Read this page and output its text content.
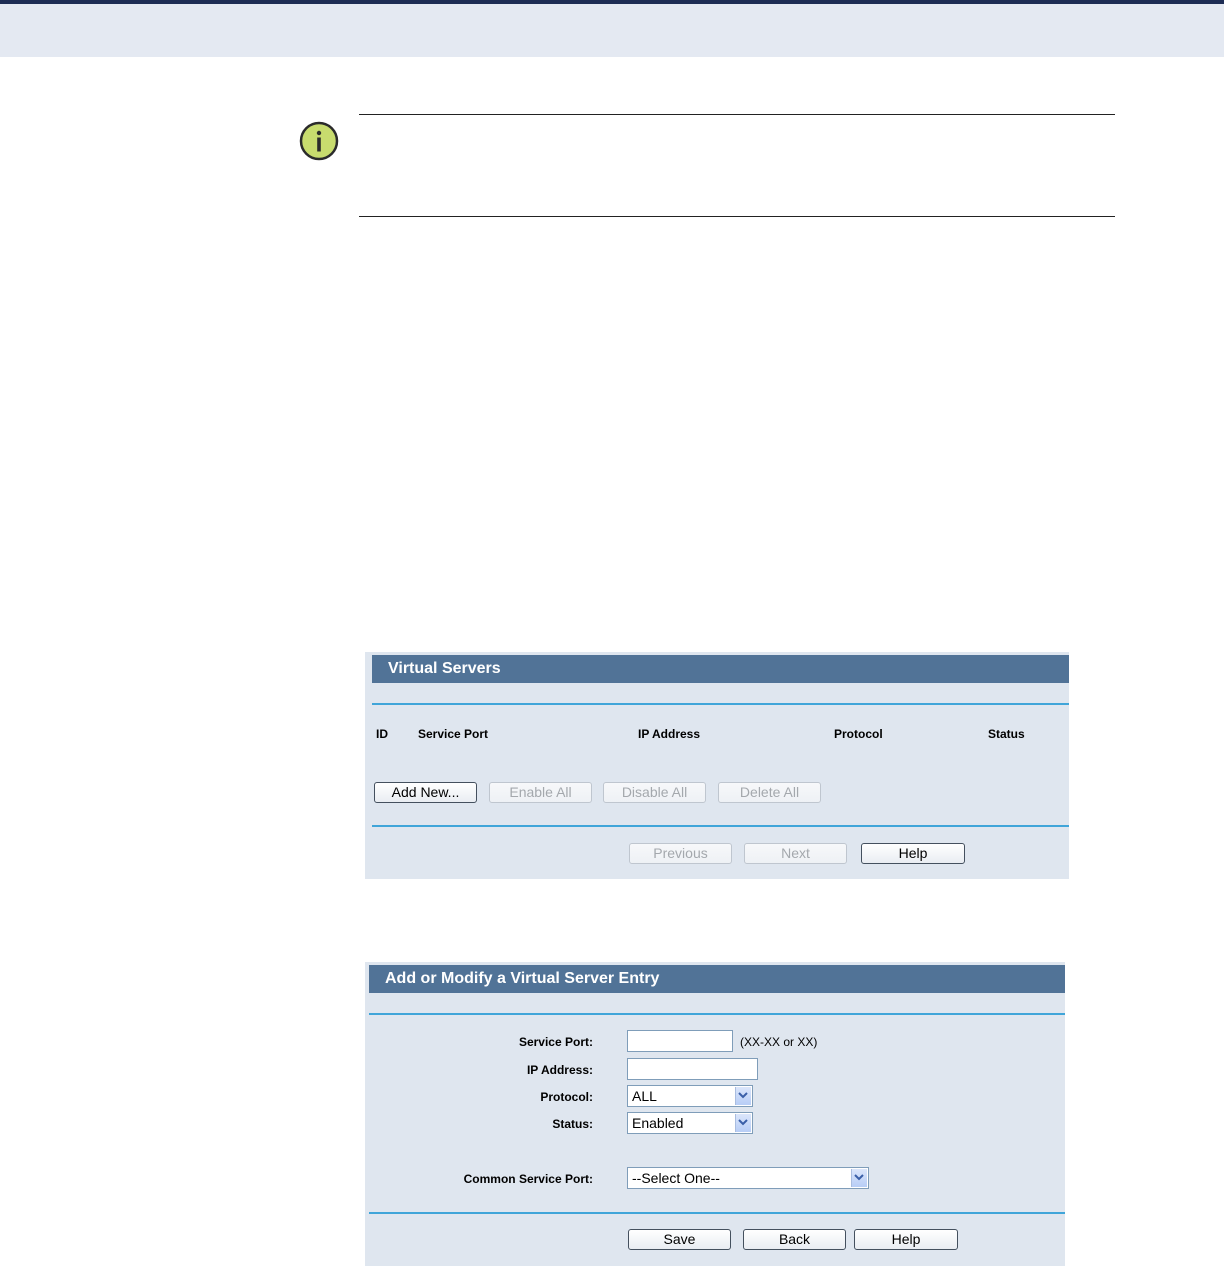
Virtual Servers
ID	Service Port	IP Address	Protocol	Status
Add New...	Enable All	Disable All	Delete All
Previous	Next	Help
Add or Modify a Virtual Server Entry
Service Port:	(XX-XX or XX)
IP Address:
Protocol:	ALL
Status:	Enabled
Common Service Port:	--Select One--
Save	Back	Help
